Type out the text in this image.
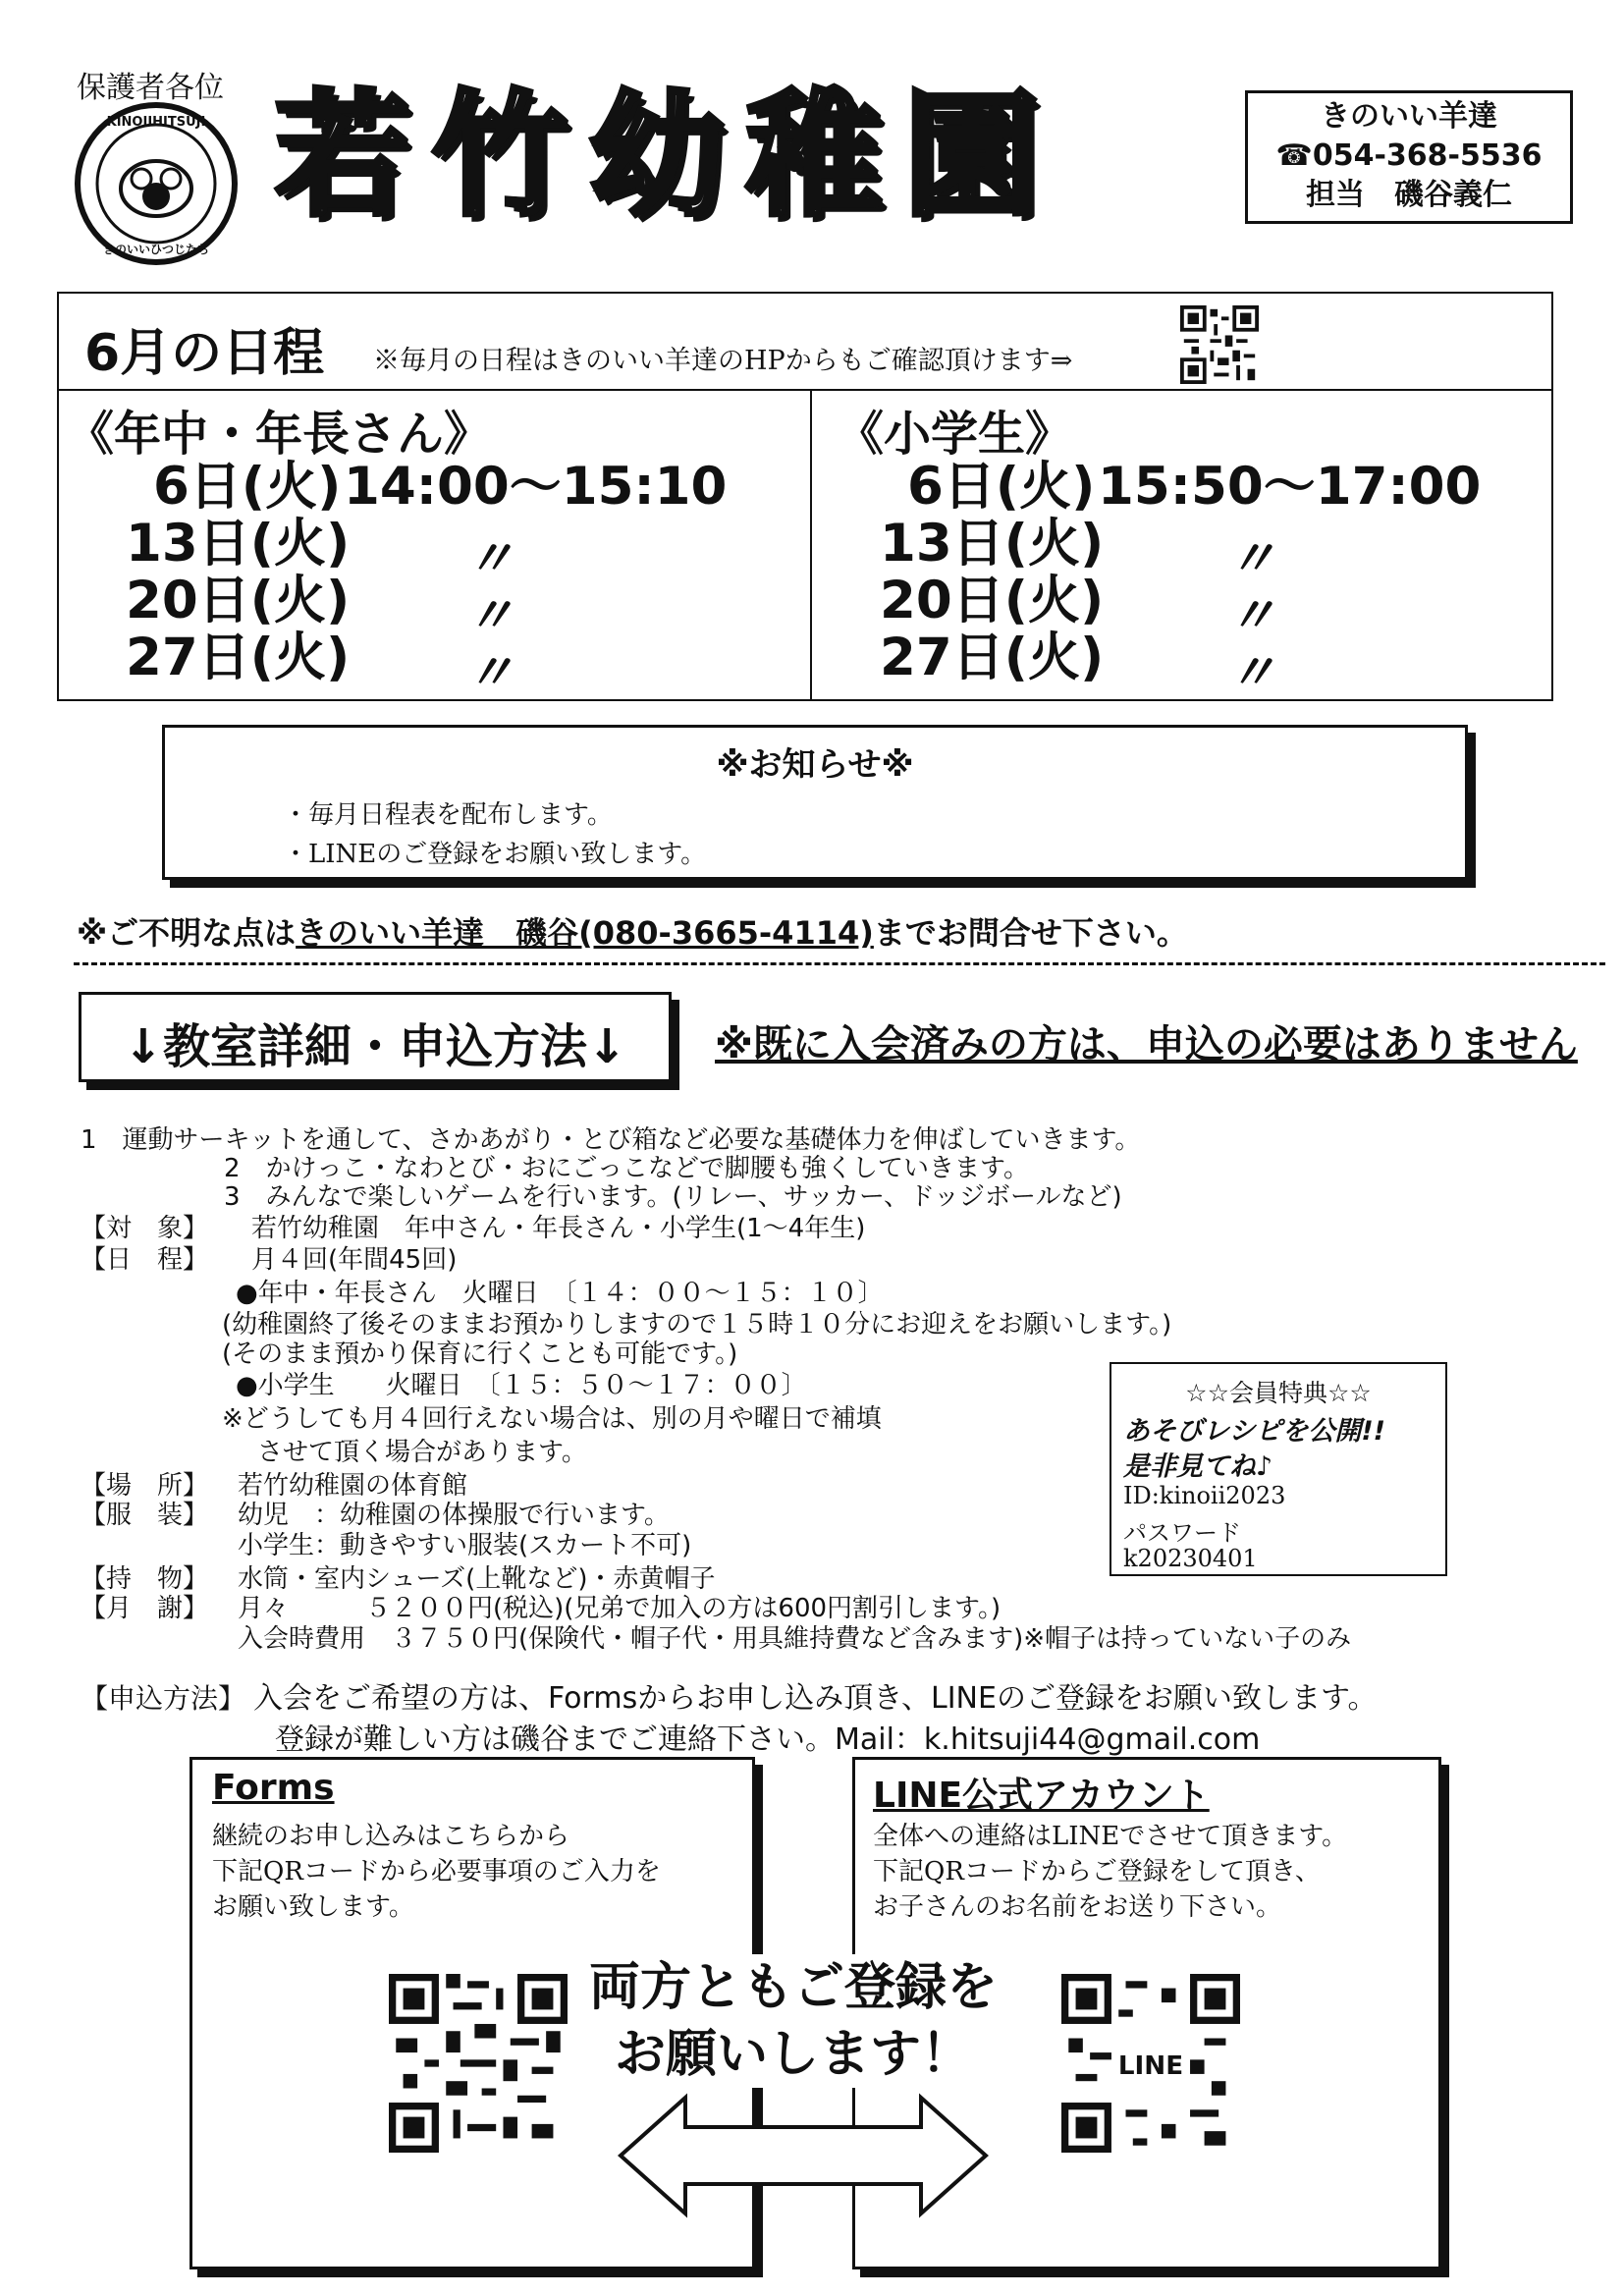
保護者各位
KINOIIHITSUJI
きのいいひつじたち
若竹幼稚園	きのいい羊達
☎054-368-5536
担当　磯谷義仁
6月の日程 ※毎月の日程はきのいい羊達のHPからもご確認頂けます⇒
《年中・年長さん》
6日(火) 14:00～15:10
13日(火) 〃
20日(火) 〃
27日(火) 〃
《小学生》
6日(火) 15:50～17:00
13日(火)	〃
20日(火)	〃
27日(火)	〃
※お知らせ※
・毎月日程表を配布します。
・LINEのご登録をお願い致します。
※ご不明な点はきのいい羊達　磯谷(080-3665-4114)までお問合せ下さい。
↓教室詳細・申込方法↓	※既に入会済みの方は、申込の必要はありません
1　運動サーキットを通して、さかあがり・とび箱など必要な基礎体力を伸ばしていきます。
2　かけっこ・なわとび・おにごっこなどで脚腰も強くしていきます。
3　みんなで楽しいゲームを行います。(リレー、サッカー、ドッジボールなど)
【対　象】 若竹幼稚園　年中さん・年長さん・小学生(1～4年生)
【日　程】 月４回(年間45回)
●年中・年長さん　火曜日　〔１４：００～１５：１０〕
(幼稚園終了後そのままお預かりしますので１５時１０分にお迎えをお願いします。)
(そのまま預かり保育に行くことも可能です。)
●小学生　　火曜日　〔１５：５０～１７：００〕
※どうしても月４回行えない場合は、別の月や曜日で補填
させて頂く場合があります。
【場　所】 若竹幼稚園の体育館
【服　装】 幼児　：幼稚園の体操服で行います。
小学生：動きやすい服装(スカート不可)
【持　物】 水筒・室内シューズ(上靴など)・赤黄帽子
【月　謝】 月々　　　５２００円(税込)(兄弟で加入の方は600円割引します。)
入会時費用　３７５０円(保険代・帽子代・用具維持費など含みます)※帽子は持っていない子のみ
☆☆会員特典☆☆
あそびレシピを公開!!
是非見てね♪
ID:kinoii2023
パスワード
k20230401
【申込方法】 入会をご希望の方は、Formsからお申し込み頂き、LINEのご登録をお願い致します。
登録が難しい方は磯谷までご連絡下さい。Mail：k.hitsuji44@gmail.com
Forms
継続のお申し込みはこちらから
下記QRコードから必要事項のご入力を
お願い致します。
LINE公式アカウント
全体への連絡はLINEでさせて頂きます。
下記QRコードからご登録をして頂き、
お子さんのお名前をお送り下さい。
LINE
両方ともご登録を
お願いします！
